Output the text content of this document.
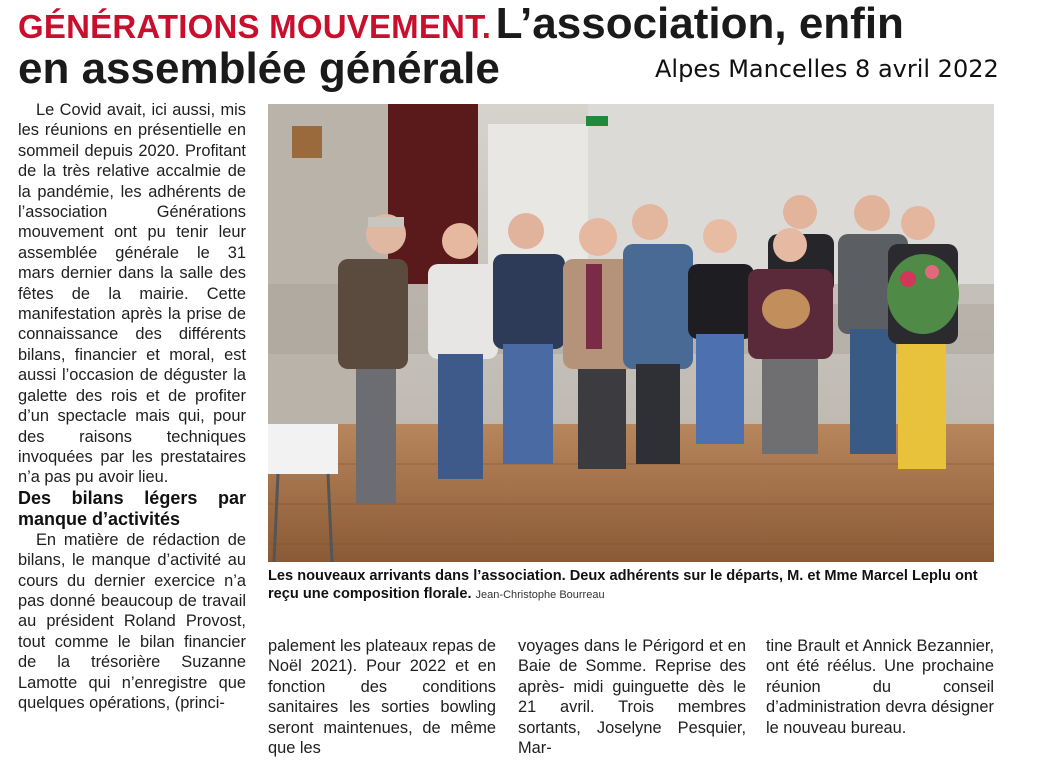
GÉNÉRATIONS MOUVEMENT. L’association, enfin
en assemblée générale	Alpes Mancelles 8 avril 2022

Le Covid avait, ici aussi, mis les réunions en présentielle en sommeil depuis 2020. Profitant de la très relative accalmie de la pandémie, les adhérents de l’association Générations mouvement ont pu tenir leur assemblée générale le 31 mars dernier dans la salle des fêtes de la mairie. Cette manifestation après la prise de connaissance des différents bilans, financier et moral, est aussi l’occasion de déguster la galette des rois et de profiter d’un spectacle mais qui, pour des raisons techniques invoquées par les prestataires n’a pas pu avoir lieu.

Des bilans légers par manque d’activités

En matière de rédaction de bilans, le manque d’activité au cours du dernier exercice n’a pas donné beaucoup de travail au président Roland Provost, tout comme le bilan financier de la trésorière Suzanne Lamotte qui n’enregistre que quelques opérations, (princi-

Les nouveaux arrivants dans l’association. Deux adhérents sur le départs, M. et Mme Marcel Leplu ont reçu une composition florale. Jean-Christophe Bourreau

palement les plateaux repas de Noël 2021). Pour 2022 et en fonction des conditions sanitaires les sorties bowling seront maintenues, de même que les

voyages dans le Périgord et en Baie de Somme. Reprise des après- midi guinguette dès le 21 avril. Trois membres sortants, Joselyne Pesquier, Mar-

tine Brault et Annick Bezannier, ont été réélus. Une prochaine réunion du conseil d’administration devra désigner le nouveau bureau.
